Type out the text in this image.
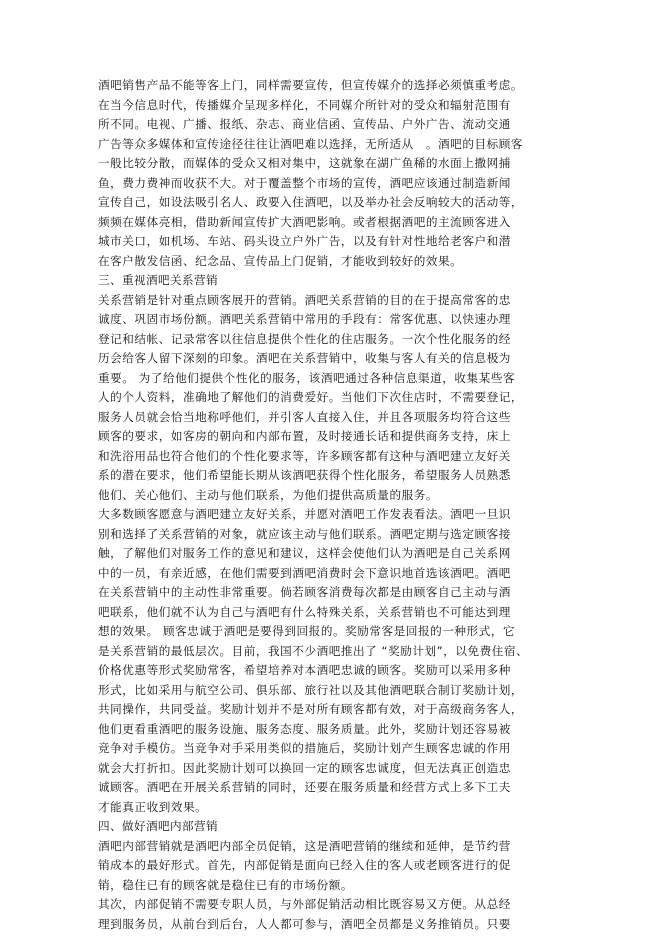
酒吧销售产品不能等客上门，同样需要宣传，但宣传媒介的选择必须慎重考虑。
在当今信息时代，传播媒介呈现多样化，不同媒介所针对的受众和辐射范围有
所不同。电视、广播、报纸、杂志、商业信函、宣传品、户外广告、流动交通
广告等众多媒体和宣传途径往往让酒吧难以选择，无所适从　。酒吧的目标顾客
一般比较分散，而媒体的受众又相对集中，这就象在湖广鱼稀的水面上撒网捕
鱼，费力费神而收获不大。对于覆盖整个市场的宣传，酒吧应该通过制造新闻
宣传自己，如设法吸引名人、政要入住酒吧，以及举办社会反响较大的活动等，
频频在媒体亮相，借助新闻宣传扩大酒吧影响。或者根据酒吧的主流顾客进入
城市关口，如机场、车站、码头设立户外广告，以及有针对性地给老客户和潜
在客户散发信函、纪念品、宣传品上门促销，才能收到较好的效果。
三、重视酒吧关系营销
关系营销是针对重点顾客展开的营销。酒吧关系营销的目的在于提高常客的忠
诚度、巩固市场份额。酒吧关系营销中常用的手段有：常客优惠、以快速办理
登记和结帐、记录常客以往信息提供个性化的住店服务。一次个性化服务的经
历会给客人留下深刻的印象。酒吧在关系营销中，收集与客人有关的信息极为
重要。 为了给他们提供个性化的服务，该酒吧通过各种信息渠道，收集某些客
人的个人资料，准确地了解他们的消费爱好。当他们下次住店时，不需要登记，
服务人员就会恰当地称呼他们，并引客人直接入住，并且各项服务均符合这些
顾客的要求，如客房的朝向和内部布置，及时接通长话和提供商务支持，床上
和洗浴用品也符合他们的个性化要求等，许多顾客都有这种与酒吧建立友好关
系的潜在要求，他们希望能长期从该酒吧获得个性化服务，希望服务人员熟悉
他们、关心他们、主动与他们联系，为他们提供高质量的服务。
大多数顾客愿意与酒吧建立友好关系，并愿对酒吧工作发表看法。酒吧一旦识
别和选择了关系营销的对象，就应该主动与他们联系。酒吧定期与选定顾客接
触，了解他们对服务工作的意见和建议，这样会使他们认为酒吧是自己关系网
中的一员，有亲近感，在他们需要到酒吧消费时会下意识地首选该酒吧。酒吧
在关系营销中的主动性非常重要。倘若顾客消费每次都是由顾客自己主动与酒
吧联系，他们就不认为自己与酒吧有什么特殊关系，关系营销也不可能达到理
想的效果。 顾客忠诚于酒吧是要得到回报的。奖励常客是回报的一种形式，它
是关系营销的最低层次。目前，我国不少酒吧推出了 “奖励计划”，以免费住宿、
价格优惠等形式奖励常客，希望培养对本酒吧忠诚的顾客。奖励可以采用多种
形式，比如采用与航空公司、俱乐部、旅行社以及其他酒吧联合制订奖励计划，
共同操作，共同受益。奖励计划并不是对所有顾客都有效，对于高级商务客人，
他们更看重酒吧的服务设施、服务态度、服务质量。此外，奖励计划还容易被
竞争对手模仿。当竞争对手采用类似的措施后，奖励计划产生顾客忠诚的作用
就会大打折扣。因此奖励计划可以换回一定的顾客忠诚度，但无法真正创造忠
诚顾客。酒吧在开展关系营销的同时，还要在服务质量和经营方式上多下工夫
才能真正收到效果。
四、做好酒吧内部营销
酒吧内部营销就是酒吧内部全员促销，这是酒吧营销的继续和延伸，是节约营
销成本的最好形式。首先，内部促销是面向已经入住的客人或老顾客进行的促
销，稳住已有的顾客就是稳住已有的市场份额。
其次，内部促销不需要专职人员，与外部促销活动相比既容易又方便。从总经
理到服务员，从前台到后台，人人都可参与，酒吧全员都是义务推销员。只要
